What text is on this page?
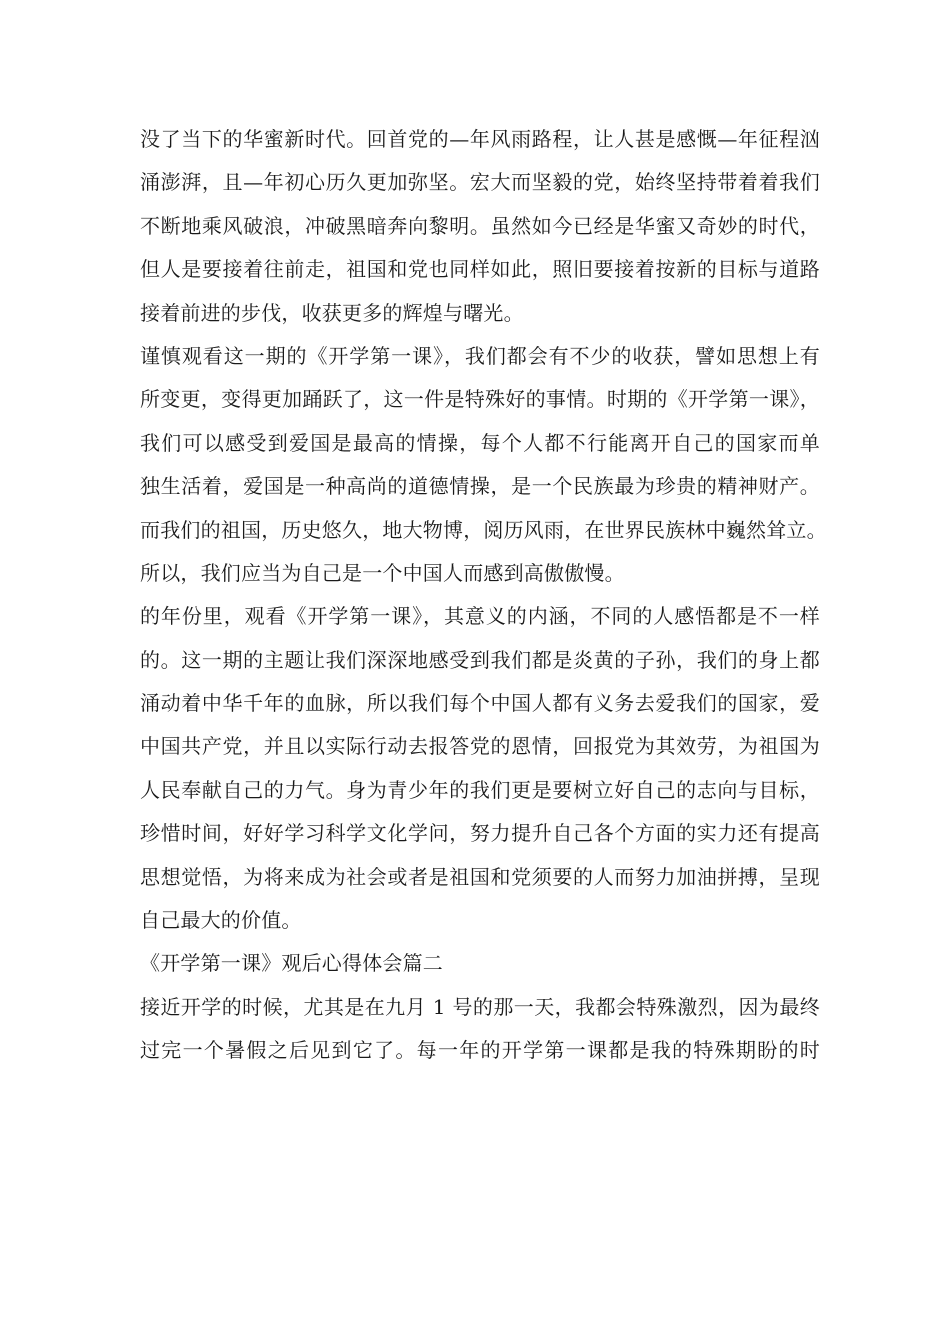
没了当下的华蜜新时代。回首党的—年风雨路程，让人甚是感慨—年征程汹
涌澎湃，且—年初心历久更加弥坚。宏大而坚毅的党，始终坚持带着着我们
不断地乘风破浪，冲破黑暗奔向黎明。虽然如今已经是华蜜又奇妙的时代，
但人是要接着往前走，祖国和党也同样如此，照旧要接着按新的目标与道路
接着前进的步伐，收获更多的辉煌与曙光。
谨慎观看这一期的《开学第一课》，我们都会有不少的收获，譬如思想上有
所变更，变得更加踊跃了，这一件是特殊好的事情。时期的《开学第一课》，
我们可以感受到爱国是最高的情操，每个人都不行能离开自己的国家而单
独生活着，爱国是一种高尚的道德情操，是一个民族最为珍贵的精神财产。
而我们的祖国，历史悠久，地大物博，阅历风雨，在世界民族林中巍然耸立。
所以，我们应当为自己是一个中国人而感到高傲傲慢。
的年份里，观看《开学第一课》，其意义的内涵，不同的人感悟都是不一样
的。这一期的主题让我们深深地感受到我们都是炎黄的子孙，我们的身上都
涌动着中华千年的血脉，所以我们每个中国人都有义务去爱我们的国家，爱
中国共产党，并且以实际行动去报答党的恩情，回报党为其效劳，为祖国为
人民奉献自己的力气。身为青少年的我们更是要树立好自己的志向与目标，
珍惜时间，好好学习科学文化学问，努力提升自己各个方面的实力还有提高
思想觉悟，为将来成为社会或者是祖国和党须要的人而努力加油拼搏，呈现
自己最大的价值。
《开学第一课》观后心得体会篇二
接近开学的时候，尤其是在九月 1 号的那一天，我都会特殊激烈，因为最终
过完一个暑假之后见到它了。每一年的开学第一课都是我的特殊期盼的时
